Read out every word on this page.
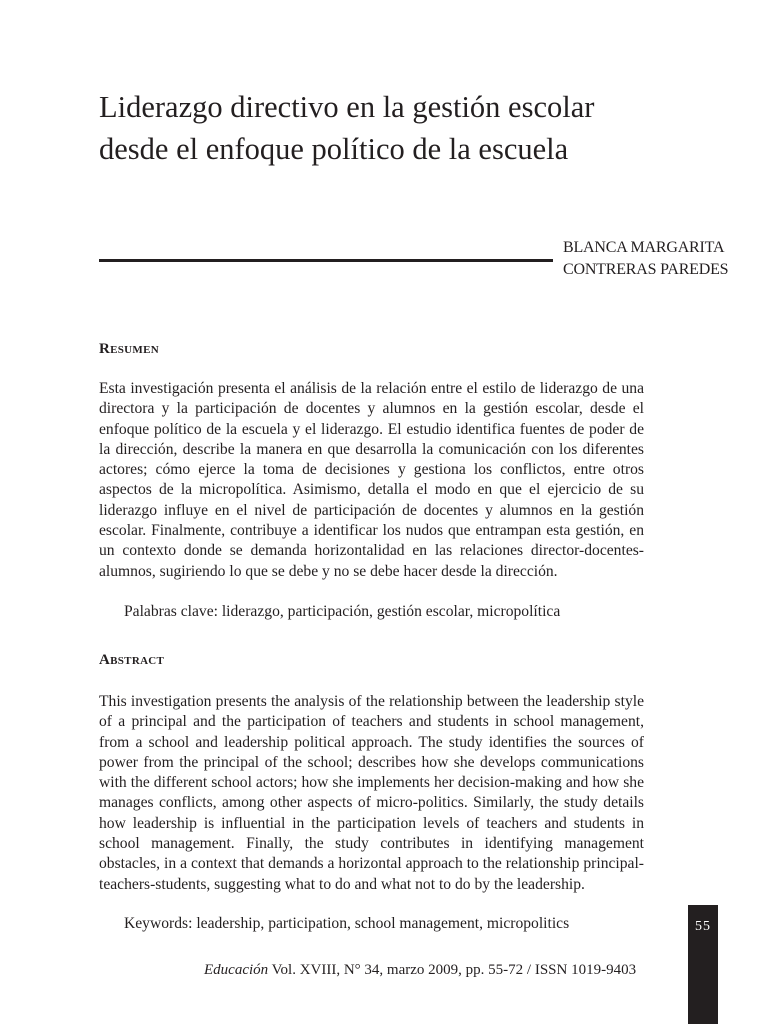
Liderazgo directivo en la gestión escolar
desde el enfoque político de la escuela
BLANCA MARGARITA
CONTRERAS PAREDES
Resumen

Esta investigación presenta el análisis de la relación entre el estilo de liderazgo de una directora y la participación de docentes y alumnos en la gestión escolar, desde el enfoque político de la escuela y el liderazgo. El estudio identifica fuentes de poder de la dirección, describe la manera en que desarrolla la comunicación con los diferentes actores; cómo ejerce la toma de decisiones y gestiona los conflictos, entre otros aspectos de la micropolítica. Asimismo, detalla el modo en que el ejercicio de su liderazgo influye en el nivel de participación de docentes y alumnos en la gestión escolar. Finalmente, contribuye a identificar los nudos que entrampan esta gestión, en un contexto donde se demanda horizontalidad en las relaciones director-docentes-alumnos, sugiriendo lo que se debe y no se debe hacer desde la dirección.

Palabras clave: liderazgo, participación, gestión escolar, micropolítica

Abstract

This investigation presents the analysis of the relationship between the leadership style of a principal and the participation of teachers and students in school management, from a school and leadership political approach. The study identifies the sources of power from the principal of the school; describes how she develops communications with the different school actors; how she implements her decision-making and how she manages conflicts, among other aspects of micro-politics. Similarly, the study details how leadership is influential in the participation levels of teachers and students in school management. Finally, the study contributes in identifying management obstacles, in a context that demands a horizontal approach to the relationship principal-teachers-students, suggesting what to do and what not to do by the leadership.

Keywords: leadership, participation, school management, micropolitics

Educación Vol. XVIII, N° 34, marzo 2009, pp. 55-72 / ISSN 1019-9403
55
